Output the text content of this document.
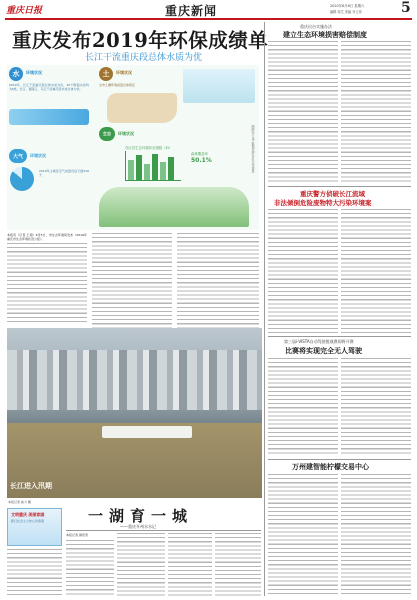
重庆日报	重庆新闻	2020年6月6日 星期六
编辑 周尤 美编 乔立伟	5
重庆发布2019年环保成绩单
长江干流重庆段总体水质为优
水	环境状况
2019年，长江干流重庆段总体水质为优，20个断面水质均为Ⅱ类。长江、嘉陵江、乌江干流重庆段水质总体为优。
大气	环境状况
2019年主城区空气质量优良天数316天
土	环境状况
全市土壤环境质量总体稳定
生态	环境状况
各区县生态环境状况指数（EI）
森林覆盖率
50.1%	制图/乔立伟 数据来源/市生态环境局
本报讯（记者 王翔）6月5日，市生态环境局发布《2019年重庆市生态环境状况公报》。
长江进入汛期
本报记者 崔力 摄
文明重庆 美丽家园
践行社会主义核心价值观	一湖育一城
——重庆开州水水记
本报记者 颜若雯
重庆出台实施办法
建立生态环境损害赔偿制度
重庆警方侦破长江流域
非法倾倒危险废物特大污染环境案
第三届i-VISTA自动驾驶挑战赛即将开赛
比赛将实现完全无人驾驶
万州建智能柠檬交易中心
